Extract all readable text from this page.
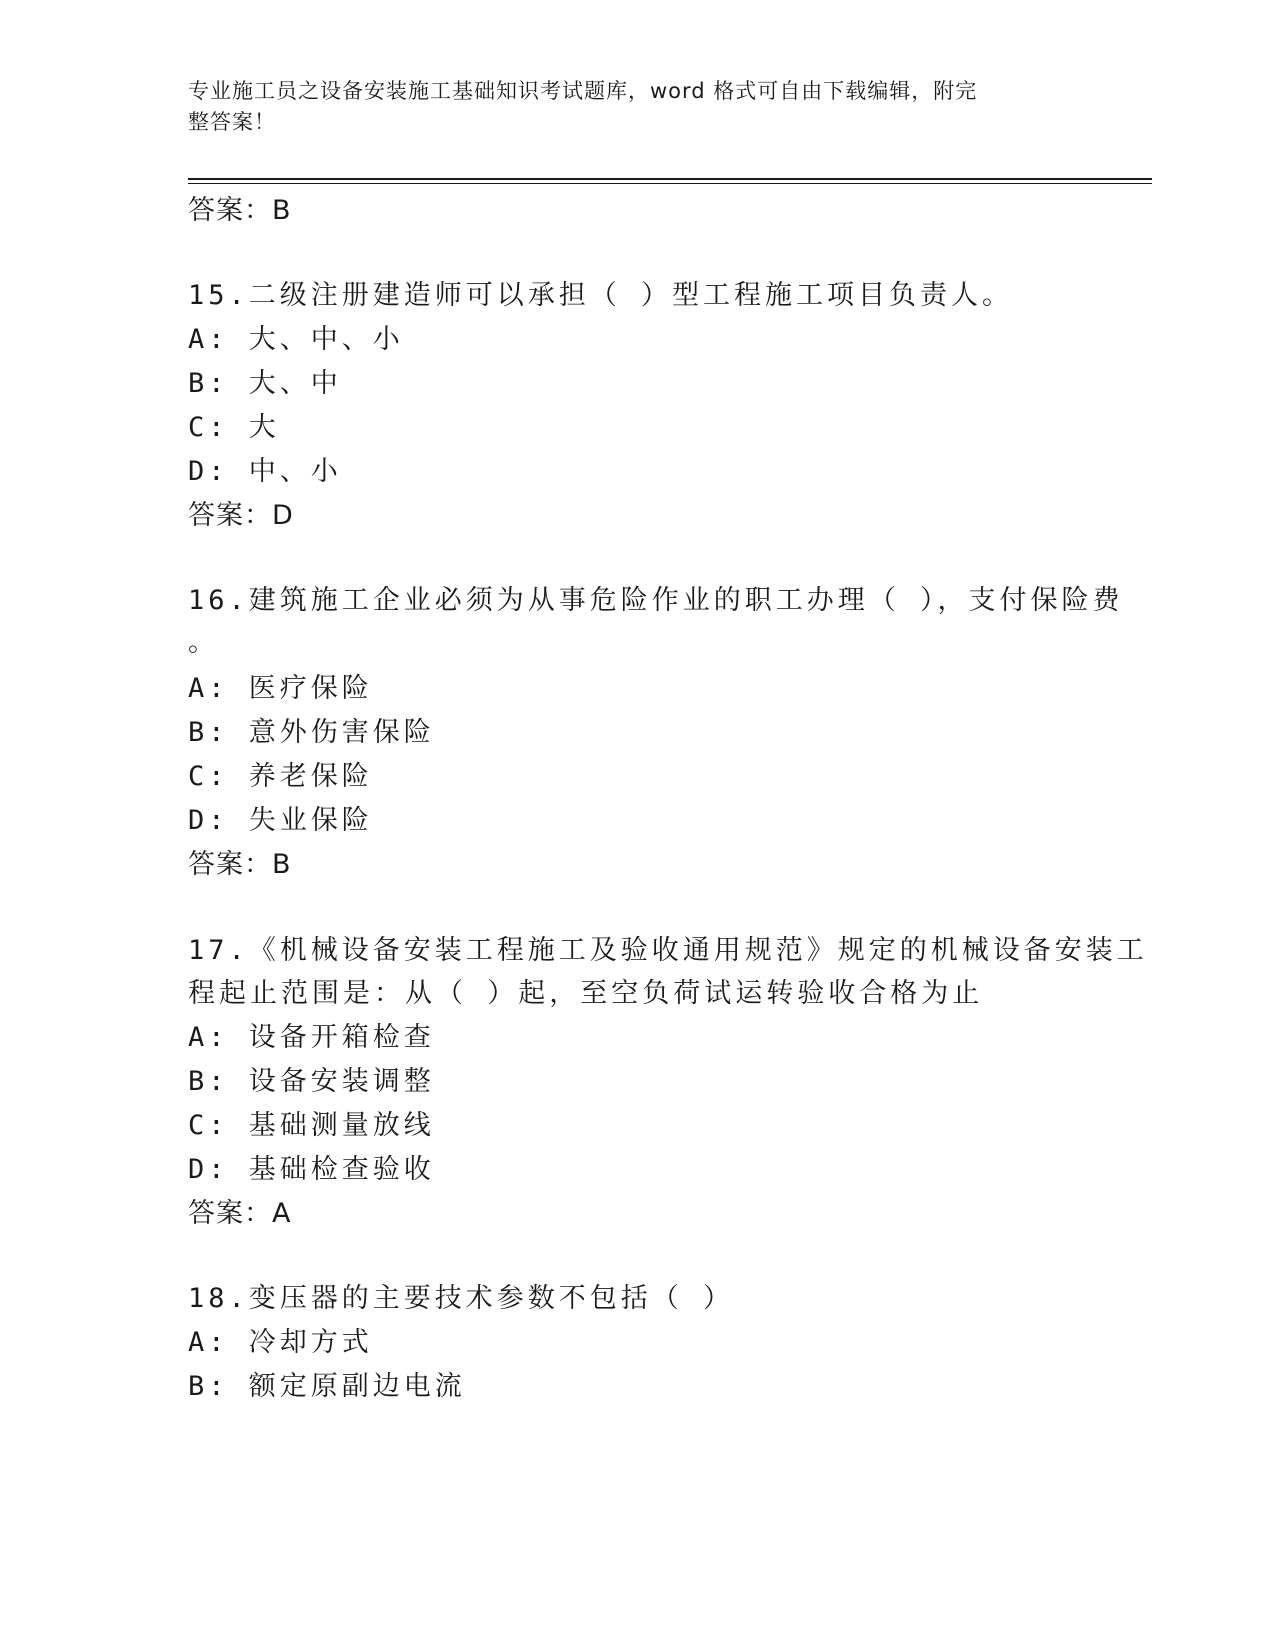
专业施工员之设备安装施工基础知识考试题库，word 格式可自由下载编辑，附完
整答案！
答案：B
15.二级注册建造师可以承担（ ）型工程施工项目负责人。
A: 大、中、小
B: 大、中
C: 大
D: 中、小
答案：D
16.建筑施工企业必须为从事危险作业的职工办理（ ），支付保险费
。
A: 医疗保险
B: 意外伤害保险
C: 养老保险
D: 失业保险
答案：B
17.《机械设备安装工程施工及验收通用规范》规定的机械设备安装工
程起止范围是：从（ ）起，至空负荷试运转验收合格为止
A: 设备开箱检查
B: 设备安装调整
C: 基础测量放线
D: 基础检查验收
答案：A
18.变压器的主要技术参数不包括（ ）
A: 冷却方式
B: 额定原副边电流
